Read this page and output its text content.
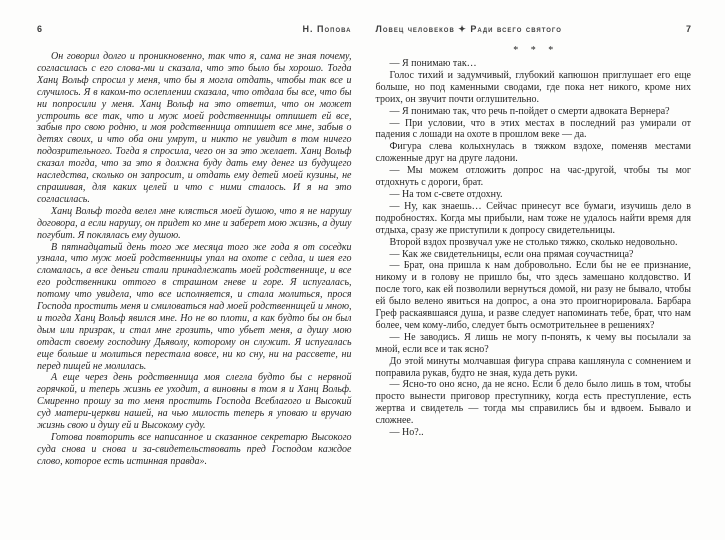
6	Н. Попова

Он говорил долго и проникновенно, так что я, сама не зная почему, согласилась с его слова-ми и сказала, что это было бы хорошо. Тогда Ханц Вольф спросил у меня, что бы я могла отдать, чтобы так все и случилось. Я в каком-то ослеплении сказала, что отдала бы все, что бы ни попросили у меня. Ханц Вольф на это ответил, что он может устроить все так, что и муж моей родственницы отпишет ей все, забыв про свою родню, и моя родственница отпишет все мне, забыв о детях своих, и что оба они умрут, и никто не увидит в том ничего подозрительного. Тогда я спросила, чего он за это желает. Ханц Вольф сказал тогда, что за это я должна буду дать ему денег из будущего наследства, сколько он запросит, и отдать ему детей моей кузины, не спрашивая, для каких целей и что с ними сталось. И я на это согласилась.

Ханц Вольф тогда велел мне клясться моей душою, что я не нарушу договора, а если нарушу, он придет ко мне и заберет мою жизнь, а душу погубит. Я поклялась ему душою.

В пятнадцатый день того же месяца того же года я от соседки узнала, что муж моей родственницы упал на охоте с седла, и шея его сломалась, а все деньги стали принадлежать моей родственнице, и все его родственники оттого в страшном гневе и горе. Я испугалась, потому что увидела, что все исполняется, и стала молиться, прося Господа простить меня и смиловаться над моей родственницей и мною, и тогда Ханц Вольф явился мне. Но не во плоти, а как будто бы он был дым или призрак, и стал мне грозить, что убьет меня, а душу мою отдаст своему господину Дьяволу, которому он служит. Я испугалась еще больше и молиться перестала вовсе, ни ко сну, ни на рассвете, ни перед пищей не молилась.

А еще через день родственница моя слегла будто бы с нервной горячкой, и теперь жизнь ее уходит, а виновны в том я и Ханц Вольф. Смиренно прошу за то меня простить Господа Всеблагого и Высокий суд матери-церкви нашей, на чью милость теперь я уповаю и вручаю жизнь свою и душу ей и Высокому суду.

Готова повторить все написанное и сказанное секретарю Высокого суда снова и снова и за-свидетельствовать пред Господом каждое слово, которое есть истинная правда».

Ловец человеков ✦ Ради всего святого	7
* * *

— Я понимаю так…

Голос тихий и задумчивый, глубокий капюшон приглушает его еще больше, но под каменными сводами, где пока нет никого, кроме них троих, он звучит почти оглушительно.

— Я понимаю так, что речь п-пойдет о смерти адвоката Вернера?

— При условии, что в этих местах в последний раз умирали от падения с лошади на охоте в прошлом веке — да.

Фигура слева колыхнулась в тяжком вздохе, поменяв местами сложенные друг на друге ладони.

— Мы можем отложить допрос на час-другой, чтобы ты мог отдохнуть с дороги, брат.

— На том с-свете отдохну.

— Ну, как знаешь… Сейчас принесут все бумаги, изучишь дело в подробностях. Когда мы прибыли, нам тоже не удалось найти время для отдыха, сразу же приступили к допросу свидетельницы.

Второй вздох прозвучал уже не столько тяжко, сколько недовольно.

— Как же свидетельницы, если она прямая соучастница?

— Брат, она пришла к нам добровольно. Если бы не ее признание, никому и в голову не пришло бы, что здесь замешано колдовство. И после того, как ей позволили вернуться домой, ни разу не бывало, чтобы ей было велено явиться на допрос, а она это проигнорировала. Барбара Греф раскаявшаяся душа, и разве следует напоминать тебе, брат, что нам более, чем кому-либо, следует быть осмотрительнее в решениях?

— Не заводись. Я лишь не могу п-понять, к чему вы посылали за мной, если все и так ясно?

До этой минуты молчавшая фигура справа кашлянула с сомнением и поправила рукав, будто не зная, куда деть руки.

— Ясно-то оно ясно, да не ясно. Если б дело было лишь в том, чтобы просто вынести приговор преступнику, когда есть преступление, есть жертва и свидетель — тогда мы справились бы и вдвоем. Бывало и сложнее.

— Но?..
